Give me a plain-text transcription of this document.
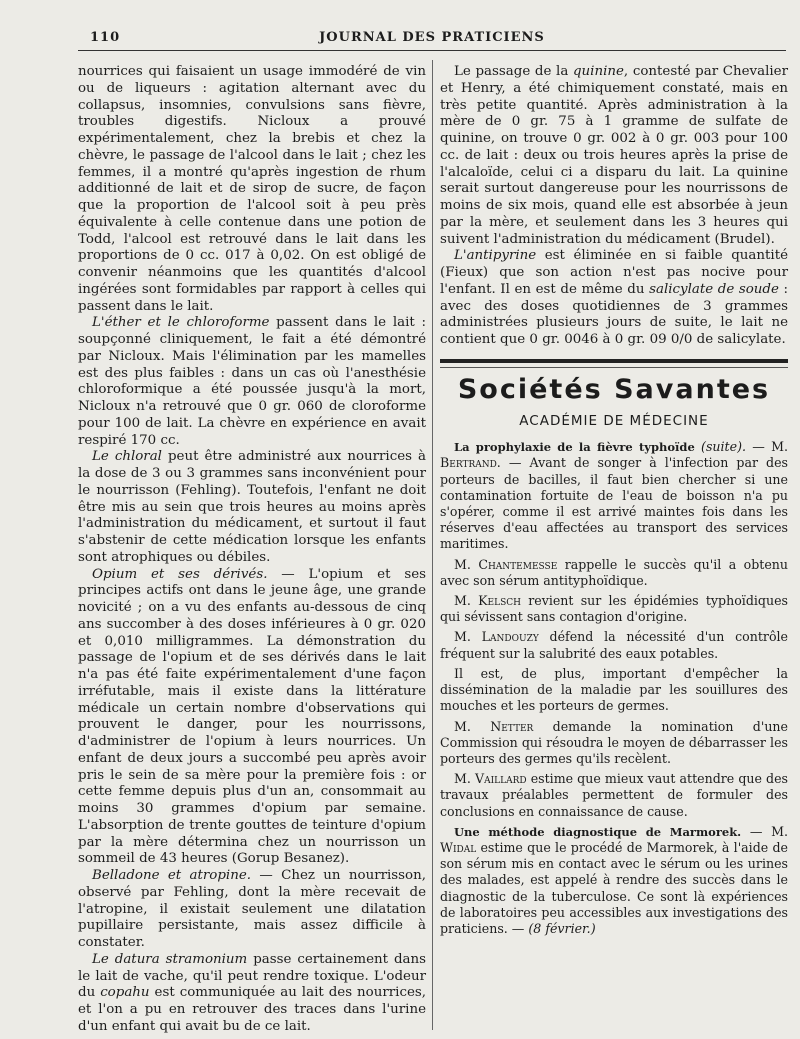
110	JOURNAL DES PRATICIENS

nourrices qui faisaient un usage immodéré de vin ou de liqueurs : agitation alternant avec du collapsus, insomnies, convulsions sans fièvre, troubles digestifs. Nicloux a prouvé expérimentalement, chez la brebis et chez la chèvre, le passage de l'alcool dans le lait ; chez les femmes, il a montré qu'après ingestion de rhum additionné de lait et de sirop de sucre, de façon que la proportion de l'alcool soit à peu près équivalente à celle contenue dans une potion de Todd, l'alcool est retrouvé dans le lait dans les proportions de 0 cc. 017 à 0,02. On est obligé de convenir néanmoins que les quantités d'alcool ingérées sont formidables par rapport à celles qui passent dans le lait.

L'éther et le chloroforme passent dans le lait : soupçonné cliniquement, le fait a été démontré par Nicloux. Mais l'élimination par les mamelles est des plus faibles : dans un cas où l'anesthésie chloroformique a été poussée jusqu'à la mort, Nicloux n'a retrouvé que 0 gr. 060 de cloroforme pour 100 de lait. La chèvre en expérience en avait respiré 170 cc.

Le chloral peut être administré aux nourrices à la dose de 3 ou 3 grammes sans inconvénient pour le nourrisson (Fehling). Toutefois, l'enfant ne doit être mis au sein que trois heures au moins après l'administration du médicament, et surtout il faut s'abstenir de cette médication lorsque les enfants sont atrophiques ou débiles.

Opium et ses dérivés. — L'opium et ses principes actifs ont dans le jeune âge, une grande novicité ; on a vu des enfants au-dessous de cinq ans succomber à des doses inférieures à 0 gr. 020 et 0,010 milligrammes. La démonstration du passage de l'opium et de ses dérivés dans le lait n'a pas été faite expérimentalement d'une façon irréfutable, mais il existe dans la littérature médicale un certain nombre d'observations qui prouvent le danger, pour les nourrissons, d'administrer de l'opium à leurs nourrices. Un enfant de deux jours a succombé peu après avoir pris le sein de sa mère pour la première fois : or cette femme depuis plus d'un an, consommait au moins 30 grammes d'opium par semaine. L'absorption de trente gouttes de teinture d'opium par la mère détermina chez un nourrisson un sommeil de 43 heures (Gorup Besanez).

Belladone et atropine. — Chez un nourrisson, observé par Fehling, dont la mère recevait de l'atropine, il existait seulement une dilatation pupillaire persistante, mais assez difficile à constater.

Le datura stramonium passe certainement dans le lait de vache, qu'il peut rendre toxique. L'odeur du copahu est communiquée au lait des nourrices, et l'on a pu en retrouver des traces dans l'urine d'un enfant qui avait bu de ce lait.

Le passage de la quinine, contesté par Chevalier et Henry, a été chimiquement constaté, mais en très petite quantité. Après administration à la mère de 0 gr. 75 à 1 gramme de sulfate de quinine, on trouve 0 gr. 002 à 0 gr. 003 pour 100 cc. de lait : deux ou trois heures après la prise de l'alcaloïde, celui ci a disparu du lait. La quinine serait surtout dangereuse pour les nourrissons de moins de six mois, quand elle est absorbée à jeun par la mère, et seulement dans les 3 heures qui suivent l'administration du médicament (Brudel).

L'antipyrine est éliminée en si faible quantité (Fieux) que son action n'est pas nocive pour l'enfant. Il en est de même du salicylate de soude : avec des doses quotidiennes de 3 grammes administrées plusieurs jours de suite, le lait ne contient que 0 gr. 0046 à 0 gr. 09 0/0 de salicylate.

Sociétés Savantes
ACADÉMIE DE MÉDECINE

La prophylaxie de la fièvre typhoïde (suite). — M. Bertrand. — Avant de songer à l'infection par des porteurs de bacilles, il faut bien chercher si une contamination fortuite de l'eau de boisson n'a pu s'opérer, comme il est arrivé maintes fois dans les réserves d'eau affectées au transport des services maritimes.

M. Chantemesse rappelle le succès qu'il a obtenu avec son sérum antityphoïdique.

M. Kelsch revient sur les épidémies typhoïdiques qui sévissent sans contagion d'origine.

M. Landouzy défend la nécessité d'un contrôle fréquent sur la salubrité des eaux potables.

Il est, de plus, important d'empêcher la dissémination de la maladie par les souillures des mouches et les porteurs de germes.

M. Netter demande la nomination d'une Commission qui résoudra le moyen de débarrasser les porteurs des germes qu'ils recèlent.

M. Vaillard estime que mieux vaut attendre que des travaux préalables permettent de formuler des conclusions en connaissance de cause.

Une méthode diagnostique de Marmorek. — M. Widal estime que le procédé de Marmorek, à l'aide de son sérum mis en contact avec le sérum ou les urines des malades, est appelé à rendre des succès dans le diagnostic de la tuberculose. Ce sont là expériences de laboratoires peu accessibles aux investigations des praticiens. — (8 février.)
